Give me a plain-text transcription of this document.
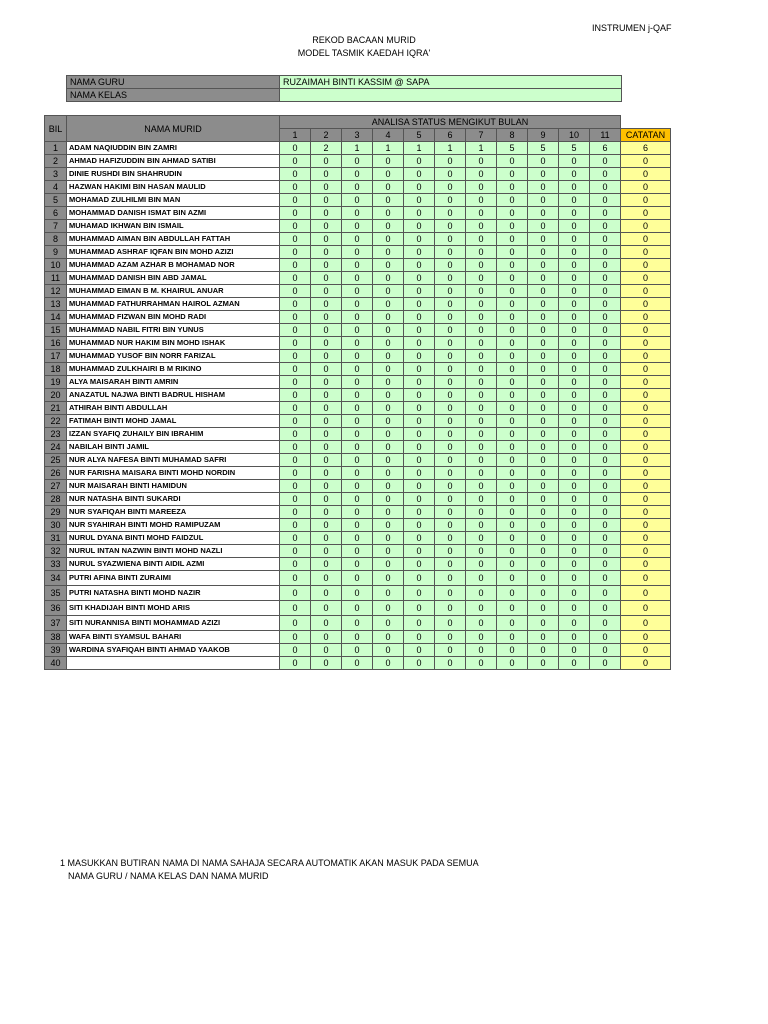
INSTRUMEN j-QAF
REKOD BACAAN MURID
MODEL TASMIK KAEDAH IQRA'
NAMA GURU	RUZAIMAH BINTI KASSIM @ SAPA
NAMA KELAS	
BIL	NAMA MURID	ANALISA STATUS MENGIKUT BULAN											
		1	2	3	4	5	6	7	8	9	10	11	CATATAN
1	ADAM NAQIUDDIN BIN ZAMRI	0	2	1	1	1	1	1	5	5	5	6	6
2	AHMAD HAFIZUDDIN BIN AHMAD SATIBI	0	0	0	0	0	0	0	0	0	0	0	0
3	DINIE RUSHDI BIN SHAHRUDIN	0	0	0	0	0	0	0	0	0	0	0	0
4	HAZWAN HAKIMI BIN HASAN MAULID	0	0	0	0	0	0	0	0	0	0	0	0
5	MOHAMAD ZULHILMI BIN MAN	0	0	0	0	0	0	0	0	0	0	0	0
6	MOHAMMAD DANISH ISMAT BIN AZMI	0	0	0	0	0	0	0	0	0	0	0	0
7	MUHAMAD IKHWAN BIN ISMAIL	0	0	0	0	0	0	0	0	0	0	0	0
8	MUHAMMAD AIMAN BIN ABDULLAH FATTAH	0	0	0	0	0	0	0	0	0	0	0	0
9	MUHAMMAD ASHRAF IQFAN BIN MOHD AZIZI	0	0	0	0	0	0	0	0	0	0	0	0
10	MUHAMMAD AZAM AZHAR B MOHAMAD NOR	0	0	0	0	0	0	0	0	0	0	0	0
11	MUHAMMAD DANISH BIN ABD JAMAL	0	0	0	0	0	0	0	0	0	0	0	0
12	MUHAMMAD EIMAN B M. KHAIRUL ANUAR	0	0	0	0	0	0	0	0	0	0	0	0
13	MUHAMMAD FATHURRAHMAN HAIROL AZMAN	0	0	0	0	0	0	0	0	0	0	0	0
14	MUHAMMAD FIZWAN BIN MOHD RADI	0	0	0	0	0	0	0	0	0	0	0	0
15	MUHAMMAD NABIL FITRI BIN YUNUS	0	0	0	0	0	0	0	0	0	0	0	0
16	MUHAMMAD NUR HAKIM BIN MOHD ISHAK	0	0	0	0	0	0	0	0	0	0	0	0
17	MUHAMMAD YUSOF BIN NORR FARIZAL	0	0	0	0	0	0	0	0	0	0	0	0
18	MUHAMMAD ZULKHAIRI B M RIKINO	0	0	0	0	0	0	0	0	0	0	0	0
19	ALYA MAISARAH BINTI AMRIN	0	0	0	0	0	0	0	0	0	0	0	0
20	ANAZATUL NAJWA BINTI BADRUL HISHAM	0	0	0	0	0	0	0	0	0	0	0	0
21	ATHIRAH BINTI ABDULLAH	0	0	0	0	0	0	0	0	0	0	0	0
22	FATIMAH BINTI MOHD JAMAL	0	0	0	0	0	0	0	0	0	0	0	0
23	IZZAN SYAFIQ ZUHAILY BIN IBRAHIM	0	0	0	0	0	0	0	0	0	0	0	0
24	NABILAH BINTI JAMIL	0	0	0	0	0	0	0	0	0	0	0	0
25	NUR ALYA NAFESA BINTI MUHAMAD SAFRI	0	0	0	0	0	0	0	0	0	0	0	0
26	NUR FARISHA MAISARA BINTI MOHD NORDIN	0	0	0	0	0	0	0	0	0	0	0	0
27	NUR MAISARAH BINTI HAMIDUN	0	0	0	0	0	0	0	0	0	0	0	0
28	NUR NATASHA BINTI SUKARDI	0	0	0	0	0	0	0	0	0	0	0	0
29	NUR SYAFIQAH BINTI MAREEZA	0	0	0	0	0	0	0	0	0	0	0	0
30	NUR SYAHIRAH BINTI MOHD RAMIPUZAM	0	0	0	0	0	0	0	0	0	0	0	0
31	NURUL DYANA BINTI MOHD FAIDZUL	0	0	0	0	0	0	0	0	0	0	0	0
32	NURUL INTAN NAZWIN BINTI MOHD NAZLI	0	0	0	0	0	0	0	0	0	0	0	0
33	NURUL SYAZWIENA BINTI AIDIL AZMI	0	0	0	0	0	0	0	0	0	0	0	0
34	PUTRI AFINA BINTI ZURAIMI	0	0	0	0	0	0	0	0	0	0	0	0
35	PUTRI NATASHA BINTI MOHD NAZIR	0	0	0	0	0	0	0	0	0	0	0	0
36	SITI KHADIJAH BINTI MOHD ARIS	0	0	0	0	0	0	0	0	0	0	0	0
37	SITI NURANNISA BINTI MOHAMMAD AZIZI	0	0	0	0	0	0	0	0	0	0	0	0
38	WAFA BINTI SYAMSUL BAHARI	0	0	0	0	0	0	0	0	0	0	0	0
39	WARDINA SYAFIQAH BINTI AHMAD YAAKOB	0	0	0	0	0	0	0	0	0	0	0	0
40		0	0	0	0	0	0	0	0	0	0	0	0
1 MASUKKAN BUTIRAN NAMA DI NAMA SAHAJA SECARA AUTOMATIK AKAN MASUK PADA SEMUA
NAMA GURU / NAMA KELAS DAN NAMA MURID
